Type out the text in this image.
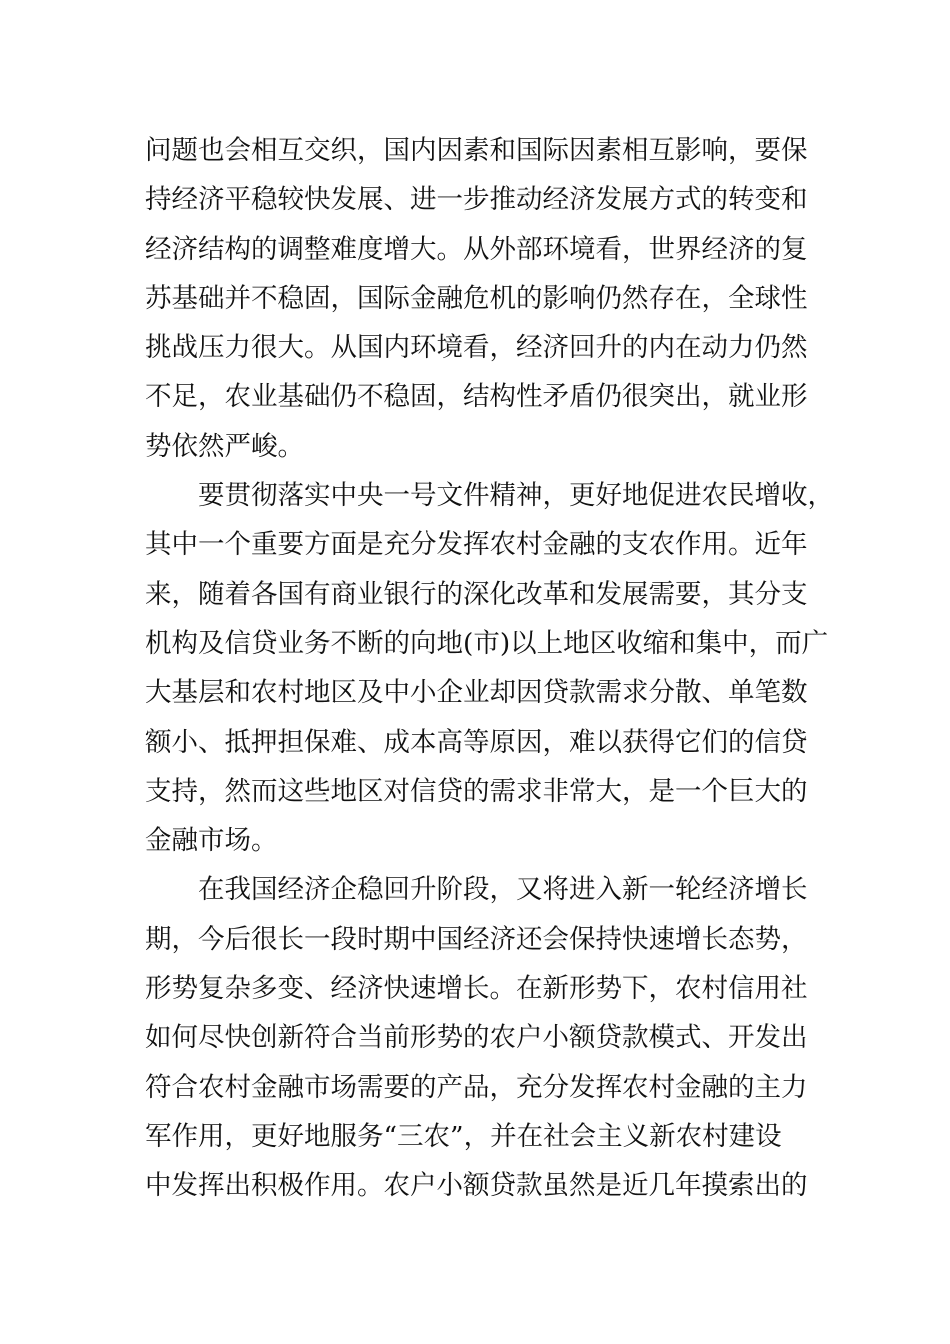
问题也会相互交织，国内因素和国际因素相互影响，要保
持经济平稳较快发展、进一步推动经济发展方式的转变和
经济结构的调整难度增大。从外部环境看，世界经济的复
苏基础并不稳固，国际金融危机的影响仍然存在，全球性
挑战压力很大。从国内环境看，经济回升的内在动力仍然
不足，农业基础仍不稳固，结构性矛盾仍很突出，就业形
势依然严峻。
要贯彻落实中央一号文件精神，更好地促进农民增收，
其中一个重要方面是充分发挥农村金融的支农作用。近年
来，随着各国有商业银行的深化改革和发展需要，其分支
机构及信贷业务不断的向地(市)以上地区收缩和集中，而广
大基层和农村地区及中小企业却因贷款需求分散、单笔数
额小、抵押担保难、成本高等原因，难以获得它们的信贷
支持，然而这些地区对信贷的需求非常大，是一个巨大的
金融市场。
在我国经济企稳回升阶段，又将进入新一轮经济增长
期，今后很长一段时期中国经济还会保持快速增长态势，
形势复杂多变、经济快速增长。在新形势下，农村信用社
如何尽快创新符合当前形势的农户小额贷款模式、开发出
符合农村金融市场需要的产品，充分发挥农村金融的主力
军作用，更好地服务“三农”，并在社会主义新农村建设
中发挥出积极作用。农户小额贷款虽然是近几年摸索出的
